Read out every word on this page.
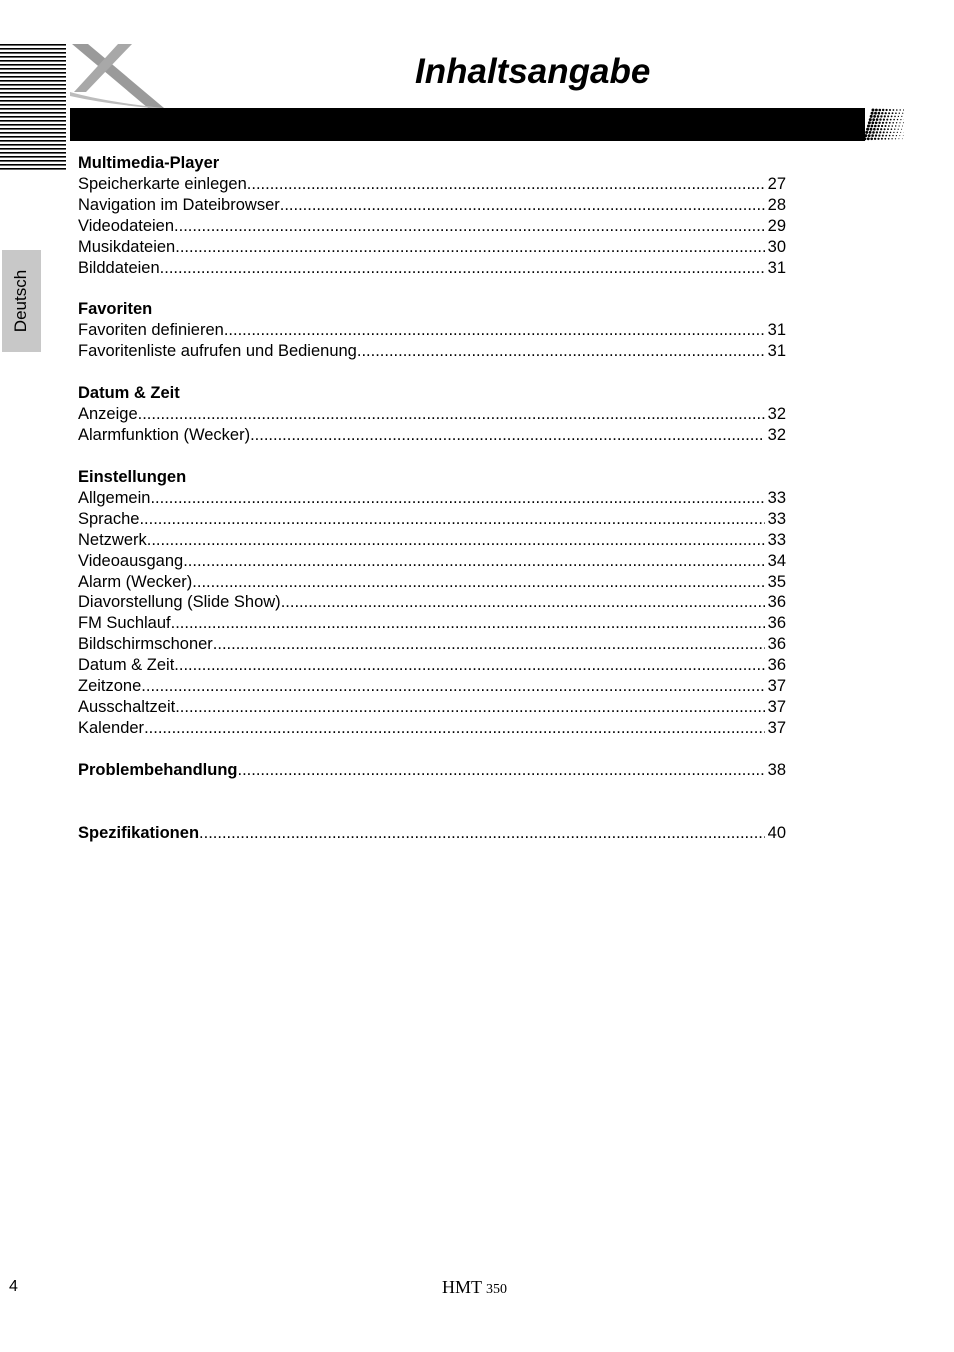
Inhaltsangabe
Deutsch
Multimedia-Player
Speicherkarte einlegen .....	27
Navigation im Dateibrowser .....	28
Videodateien .....	29
Musikdateien .....	30
Bilddateien .....	31
Favoriten
Favoriten definieren .....	31
Favoritenliste aufrufen und Bedienung .....	31
Datum & Zeit
Anzeige .....	32
Alarmfunktion (Wecker) .....	32
Einstellungen
Allgemein .....	33
Sprache .....	33
Netzwerk .....	33
Videoausgang .....	34
Alarm (Wecker) .....	35
Diavorstellung (Slide Show) .....	36
FM Suchlauf .....	36
Bildschirmschoner .....	36
Datum & Zeit .....	36
Zeitzone .....	37
Ausschaltzeit .....	37
Kalender .....	37
Problembehandlung .....	38
Spezifikationen .....	40
4	HMT 350
